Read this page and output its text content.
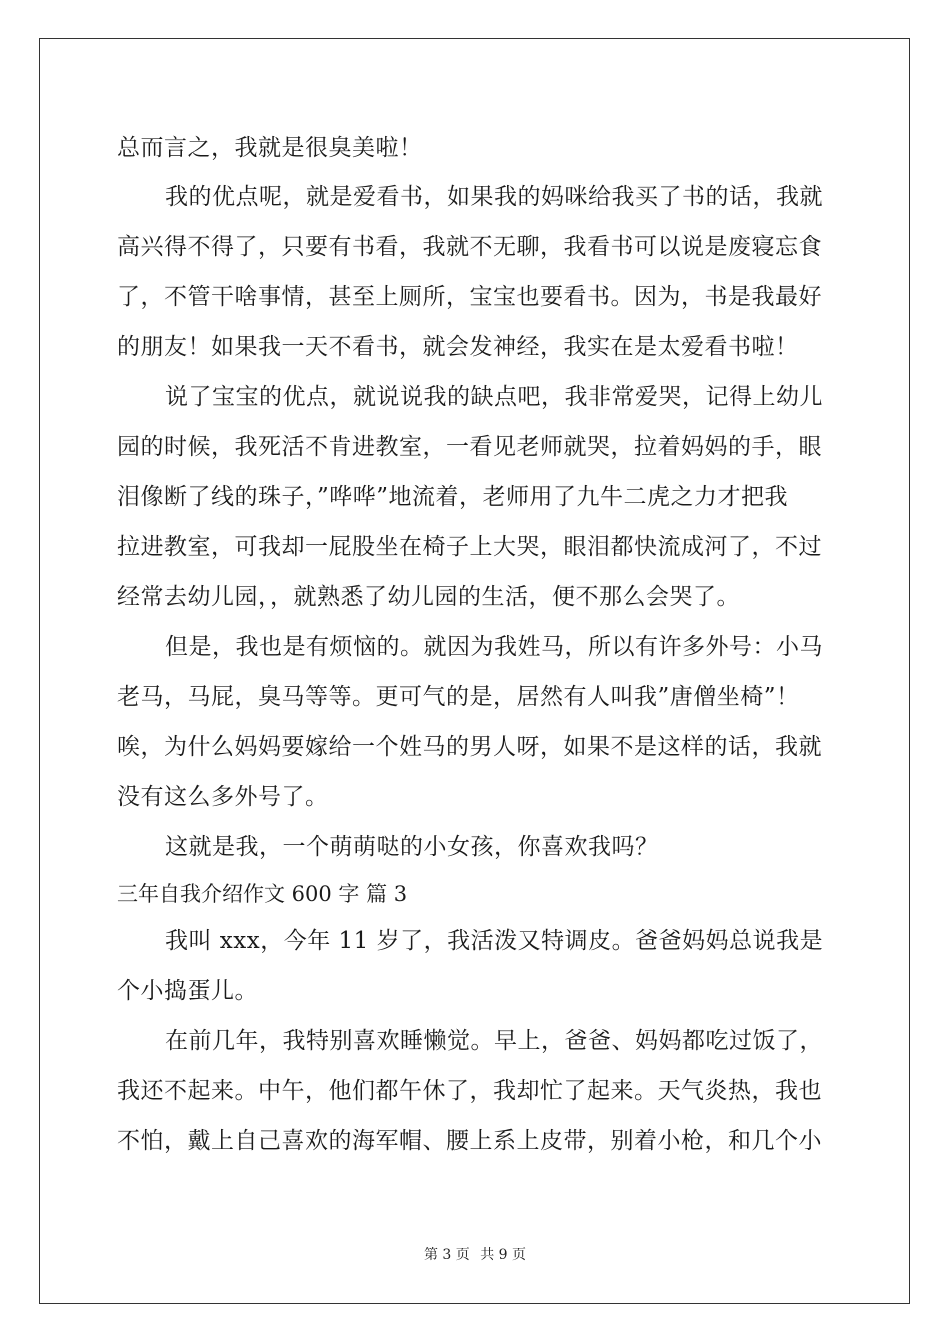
总而言之，我就是很臭美啦！
我的优点呢，就是爱看书，如果我的妈咪给我买了书的话，我就
高兴得不得了，只要有书看，我就不无聊，我看书可以说是废寝忘食
了，不管干啥事情，甚至上厕所，宝宝也要看书。因为，书是我最好
的朋友！如果我一天不看书，就会发神经，我实在是太爱看书啦！
说了宝宝的优点，就说说我的缺点吧，我非常爱哭，记得上幼儿
园的时候，我死活不肯进教室，一看见老师就哭，拉着妈妈的手，眼
泪像断了线的珠子，”哗哗”地流着，老师用了九牛二虎之力才把我
拉进教室，可我却一屁股坐在椅子上大哭，眼泪都快流成河了，不过
经常去幼儿园，，就熟悉了幼儿园的生活，便不那么会哭了。
但是，我也是有烦恼的。就因为我姓马，所以有许多外号：小马
老马，马屁，臭马等等。更可气的是，居然有人叫我”唐僧坐椅”！
唉，为什么妈妈要嫁给一个姓马的男人呀，如果不是这样的话，我就
没有这么多外号了。
这就是我，一个萌萌哒的小女孩，你喜欢我吗？
三年自我介绍作文 600 字 篇 3
我叫 xxx，今年 11 岁了，我活泼又特调皮。爸爸妈妈总说我是
个小捣蛋儿。
在前几年，我特别喜欢睡懒觉。早上，爸爸、妈妈都吃过饭了，
我还不起来。中午，他们都午休了，我却忙了起来。天气炎热，我也
不怕，戴上自己喜欢的海军帽、腰上系上皮带，别着小枪，和几个小
第 3 页 共 9 页
